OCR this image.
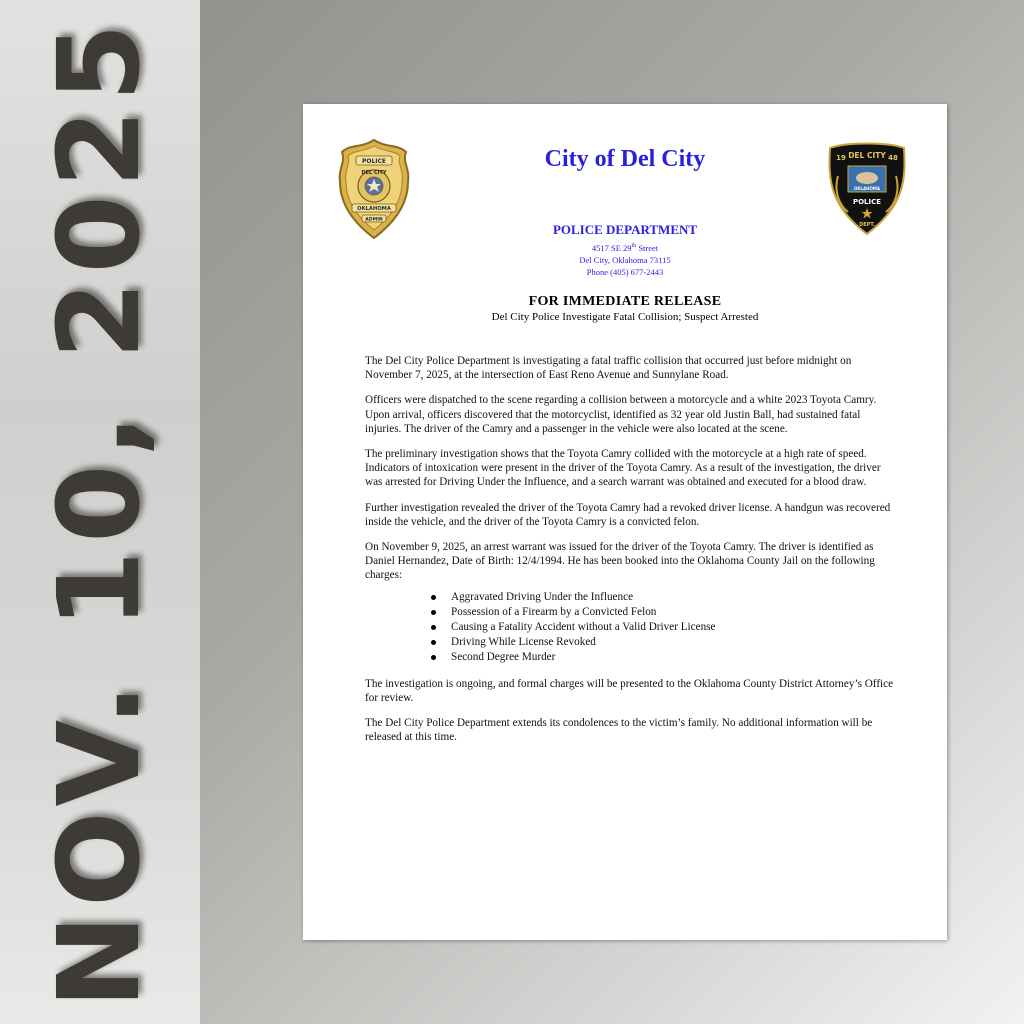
NOV. 10, 2025	POLICE
DEL CITY
OKLAHOMA
ADMIN
City of Del City	19 DEL CITY 48
OKLAHOMA
POLICE
DEPT.
POLICE DEPARTMENT
4517 SE 29th Street
Del City, Oklahoma 73115
Phone (405) 677-2443
FOR IMMEDIATE RELEASE
Del City Police Investigate Fatal Collision; Suspect Arrested

The Del City Police Department is investigating a fatal traffic collision that occurred just before midnight on November 7, 2025, at the intersection of East Reno Avenue and Sunnylane Road.

Officers were dispatched to the scene regarding a collision between a motorcycle and a white 2023 Toyota Camry. Upon arrival, officers discovered that the motorcyclist, identified as 32 year old Justin Ball, had sustained fatal injuries. The driver of the Camry and a passenger in the vehicle were also located at the scene.

The preliminary investigation shows that the Toyota Camry collided with the motorcycle at a high rate of speed. Indicators of intoxication were present in the driver of the Toyota Camry. As a result of the investigation, the driver was arrested for Driving Under the Influence, and a search warrant was obtained and executed for a blood draw.

Further investigation revealed the driver of the Toyota Camry had a revoked driver license. A handgun was recovered inside the vehicle, and the driver of the Toyota Camry is a convicted felon.

On November 9, 2025, an arrest warrant was issued for the driver of the Toyota Camry. The driver is identified as Daniel Hernandez, Date of Birth: 12/4/1994. He has been booked into the Oklahoma County Jail on the following charges:

Aggravated Driving Under the Influence
Possession of a Firearm by a Convicted Felon
Causing a Fatality Accident without a Valid Driver License
Driving While License Revoked
Second Degree Murder

The investigation is ongoing, and formal charges will be presented to the Oklahoma County District Attorney’s Office for review.

The Del City Police Department extends its condolences to the victim’s family. No additional information will be released at this time.
